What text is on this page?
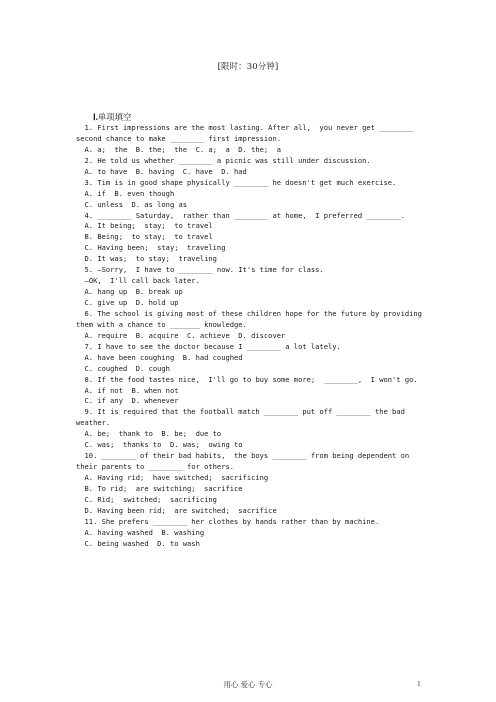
[限时：30分钟]
Ⅰ.单项填空
1. First impressions are the most lasting. After all,  you never get ________
second chance to make ________ first impression.
A. a;  the  B. the;  the  C. a;  a  D. the;  a
2. He told us whether ________ a picnic was still under discussion.
A. to have  B. having  C. have  D. had
3. Tim is in good shape physically ________ he doesn't get much exercise.
A. if  B. even though
C. unless  D. as long as
4. ________ Saturday,  rather than ________ at home,  I preferred ________.
A. It being;  stay;  to travel
B. Being;  to stay;  to travel
C. Having been;  stay;  traveling
D. It was;  to stay;  traveling
5. —Sorry,  I have to ________ now. It's time for class.
—OK,  I'll call back later.
A. hang up  B. break up
C. give up  D. hold up
6. The school is giving most of these children hope for the future by providing
them with a chance to _______ knowledge.
A. require  B. acquire  C. achieve  D. discover
7. I have to see the doctor because I ________ a lot lately.
A. have been coughing  B. had coughed
C. coughed  D. cough
8. If the food tastes nice,  I'll go to buy some more;  ________,  I won't go.
A. if not  B. when not
C. if any  D. whenever
9. It is required that the football match ________ put off ________ the bad
weather.
A. be;  thank to  B. be;  due to
C. was;  thanks to  D. was;  owing to
10. ________ of their bad habits,  the boys ________ from being dependent on
their parents to ________ for others.
A. Having rid;  have switched;  sacrificing
B. To rid;  are switching;  sacrifice
C. Rid;  switched;  sacrificing
D. Having been rid;  are switched;  sacrifice
11. She prefers ________ her clothes by hands rather than by machine.
A. having washed  B. washing
C. being washed  D. to wash
用心 爱心 专心	1
